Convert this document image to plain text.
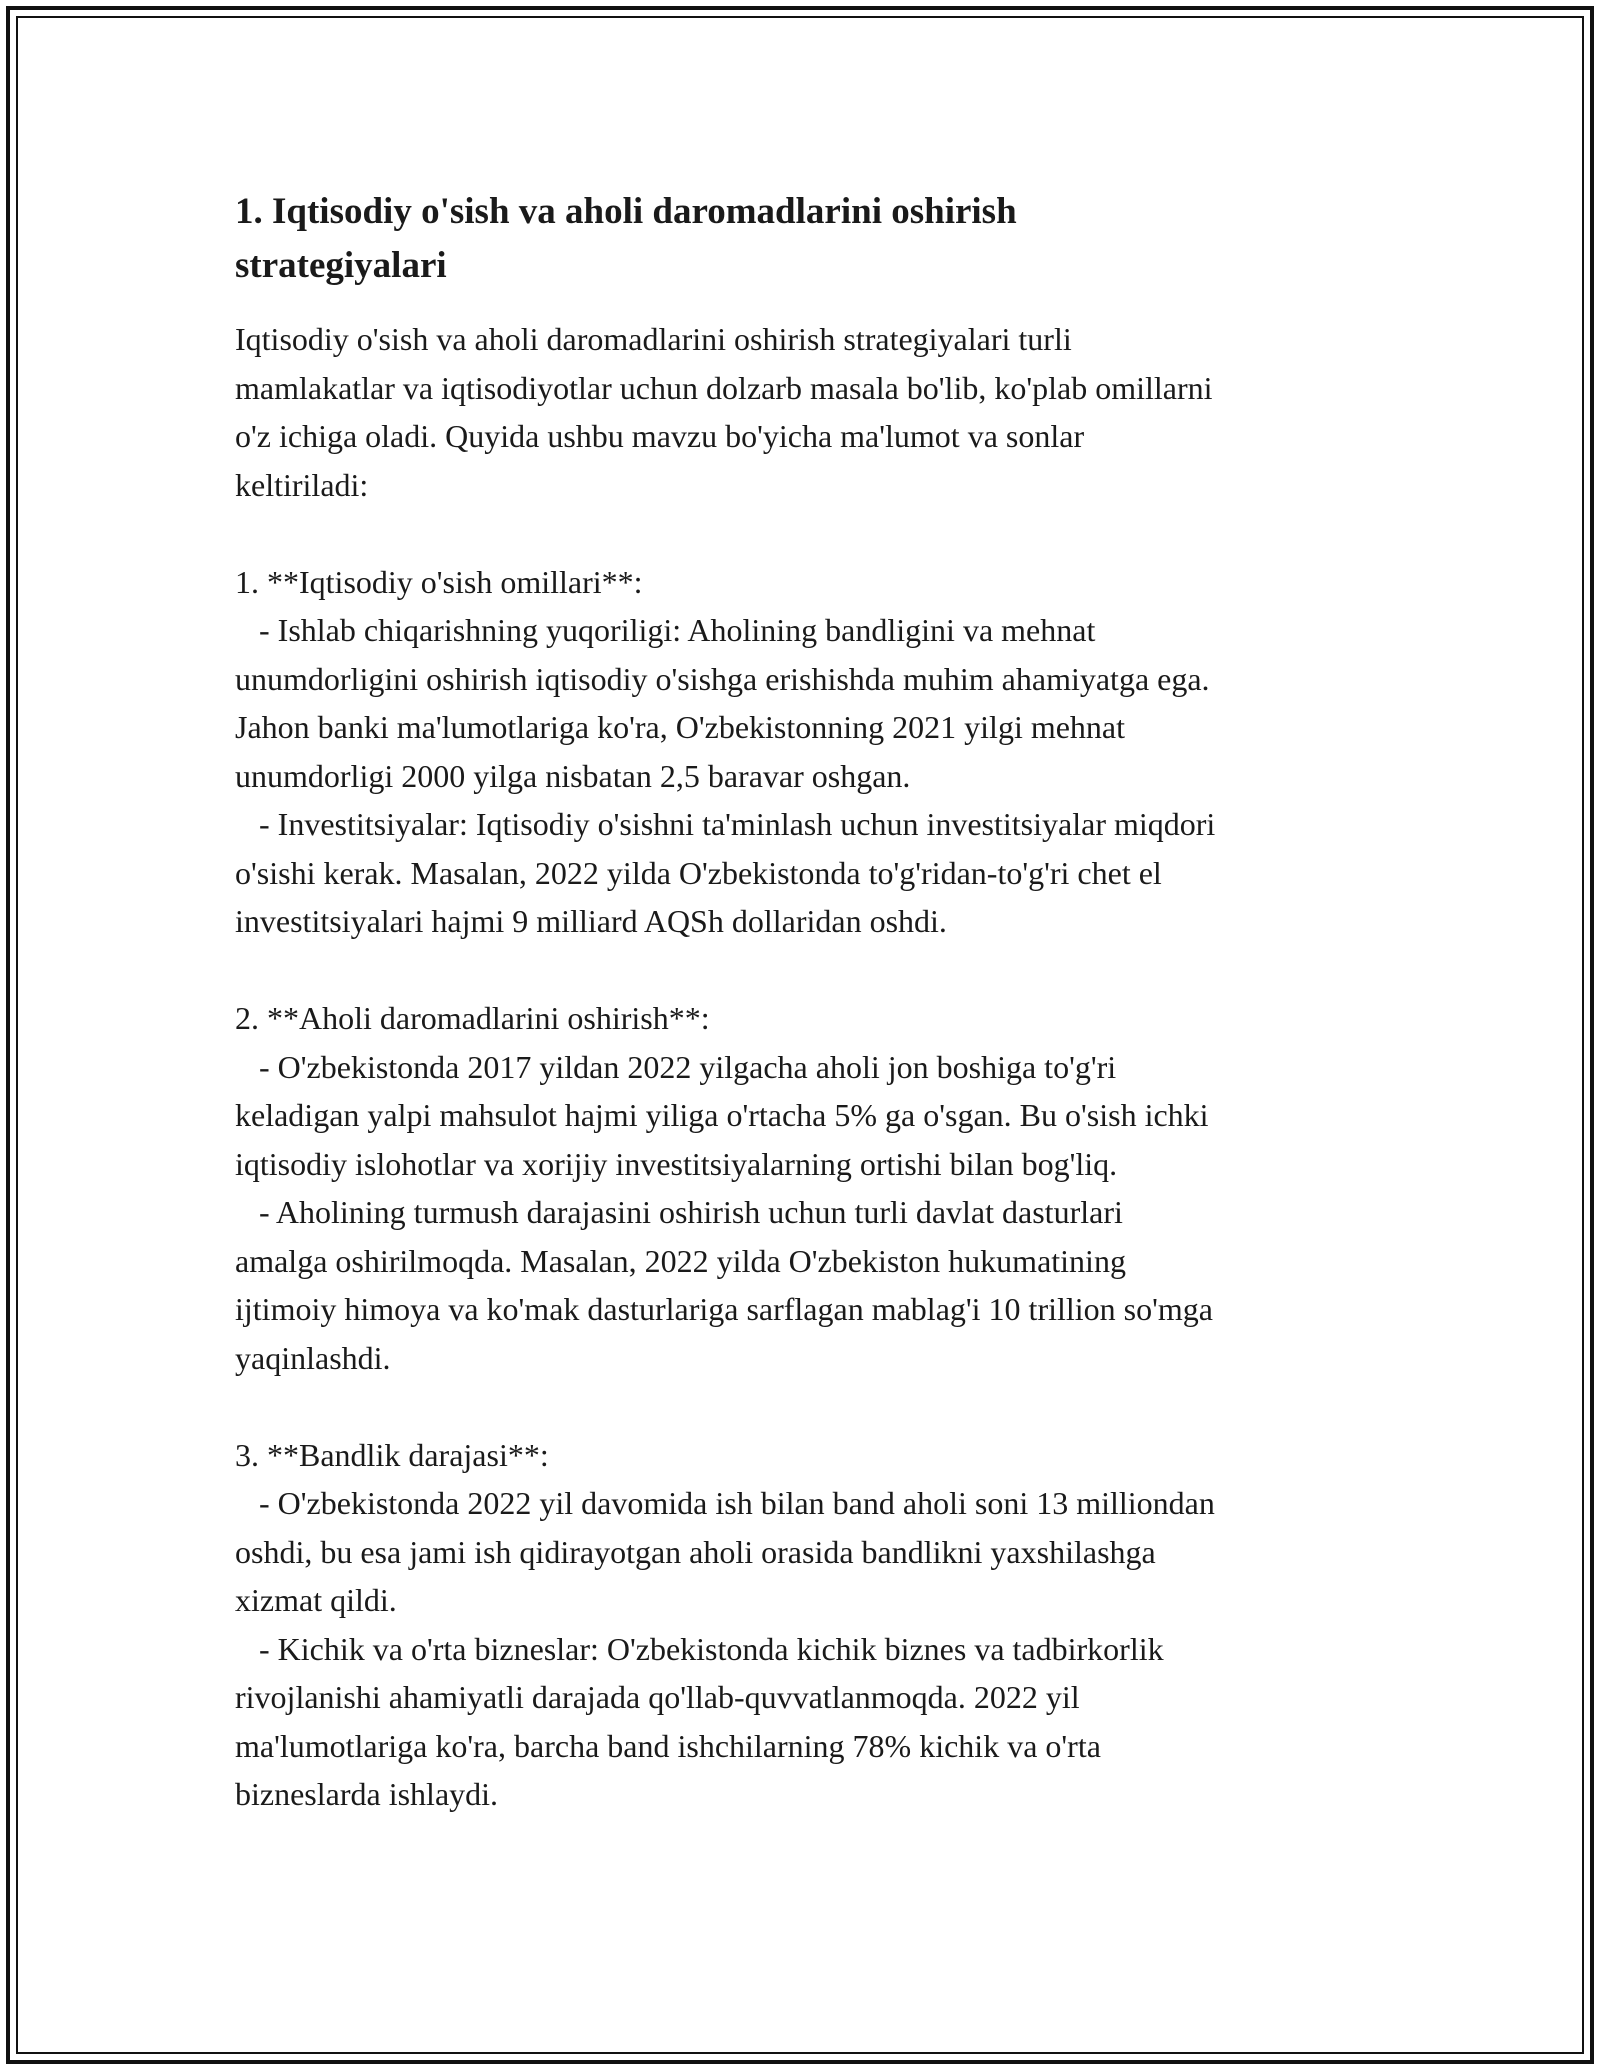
1. Iqtisodiy o'sish va aholi daromadlarini oshirish strategiyalari

Iqtisodiy o'sish va aholi daromadlarini oshirish strategiyalari turli
mamlakatlar va iqtisodiyotlar uchun dolzarb masala bo'lib, ko'plab omillarni
o'z ichiga oladi. Quyida ushbu mavzu bo'yicha ma'lumot va sonlar
keltiriladi:

1. **Iqtisodiy o'sish omillari**:

- Ishlab chiqarishning yuqoriligi: Aholining bandligini va mehnat
unumdorligini oshirish iqtisodiy o'sishga erishishda muhim ahamiyatga ega.
Jahon banki ma'lumotlariga ko'ra, O'zbekistonning 2021 yilgi mehnat
unumdorligi 2000 yilga nisbatan 2,5 baravar oshgan.

- Investitsiyalar: Iqtisodiy o'sishni ta'minlash uchun investitsiyalar miqdori
o'sishi kerak. Masalan, 2022 yilda O'zbekistonda to'g'ridan-to'g'ri chet el
investitsiyalari hajmi 9 milliard AQSh dollaridan oshdi.

2. **Aholi daromadlarini oshirish**:

- O'zbekistonda 2017 yildan 2022 yilgacha aholi jon boshiga to'g'ri
keladigan yalpi mahsulot hajmi yiliga o'rtacha 5% ga o'sgan. Bu o'sish ichki
iqtisodiy islohotlar va xorijiy investitsiyalarning ortishi bilan bog'liq.

- Aholining turmush darajasini oshirish uchun turli davlat dasturlari
amalga oshirilmoqda. Masalan, 2022 yilda O'zbekiston hukumatining
ijtimoiy himoya va ko'mak dasturlariga sarflagan mablag'i 10 trillion so'mga
yaqinlashdi.

3. **Bandlik darajasi**:

- O'zbekistonda 2022 yil davomida ish bilan band aholi soni 13 milliondan
oshdi, bu esa jami ish qidirayotgan aholi orasida bandlikni yaxshilashga
xizmat qildi.

- Kichik va o'rta bizneslar: O'zbekistonda kichik biznes va tadbirkorlik
rivojlanishi ahamiyatli darajada qo'llab-quvvatlanmoqda. 2022 yil
ma'lumotlariga ko'ra, barcha band ishchilarning 78% kichik va o'rta
bizneslarda ishlaydi.
